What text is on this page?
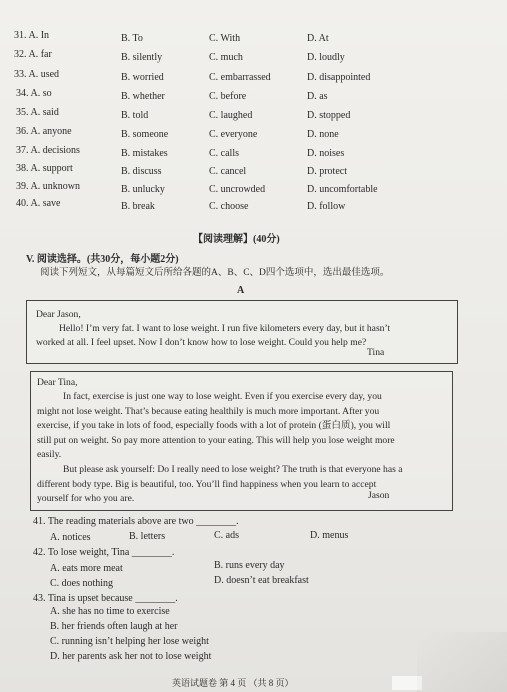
31. A. In	B. To	C. With	D. At
32. A. far	B. silently	C. much	D. loudly
33. A. used	B. worried	C. embarrassed	D. disappointed
34. A. so	B. whether	C. before	D. as
35. A. said	B. told	C. laughed	D. stopped
36. A. anyone	B. someone	C. everyone	D. none
37. A. decisions	B. mistakes	C. calls	D. noises
38. A. support	B. discuss	C. cancel	D. protect
39. A. unknown	B. unlucky	C. uncrowded	D. uncomfortable
40. A. save	B. break	C. choose	D. follow
【阅读理解】(40分)
V. 阅读选择。(共30分，每小题2分)
阅读下列短文，从每篇短文后所给各题的A、B、C、D四个选项中，选出最佳选项。
A
Dear Jason,
Hello! I’m very fat. I want to lose weight. I run five kilometers every day, but it hasn’t
worked at all. I feel upset. Now I don’t know how to lose weight. Could you help me?
Tina
Dear Tina,
In fact, exercise is just one way to lose weight. Even if you exercise every day, you
might not lose weight. That’s because eating healthily is much more important. After you
exercise, if you take in lots of food, especially foods with a lot of protein (蛋白质), you will
still put on weight. So pay more attention to your eating. This will help you lose weight more
easily.
But please ask yourself: Do I really need to lose weight? The truth is that everyone has a
different body type. Big is beautiful, too. You’ll find happiness when you learn to accept
yourself for who you are.	Jason
41. The reading materials above are two ________.
A. notices	B. letters	C. ads	D. menus
42. To lose weight, Tina ________.
A. eats more meat	B. runs every day
C. does nothing	D. doesn’t eat breakfast
43. Tina is upset because ________.
A. she has no time to exercise
B. her friends often laugh at her
C. running isn’t helping her lose weight
D. her parents ask her not to lose weight
英语试题卷 第 4 页 （共 8 页）
